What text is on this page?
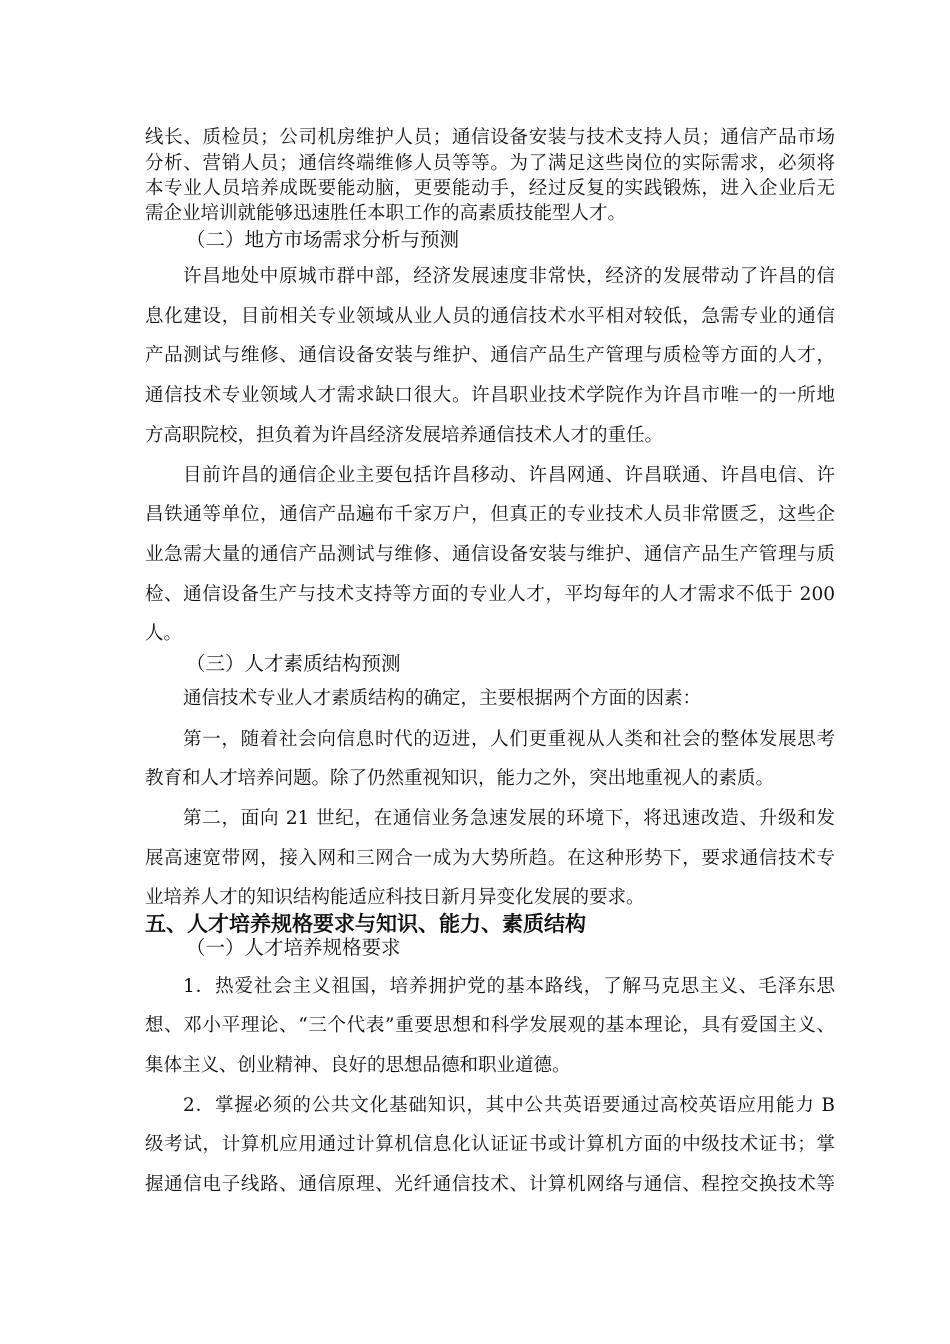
线长、质检员；公司机房维护人员；通信设备安装与技术支持人员；通信产品市场
分析、营销人员；通信终端维修人员等等。为了满足这些岗位的实际需求，必须将
本专业人员培养成既要能动脑，更要能动手，经过反复的实践锻炼，进入企业后无
需企业培训就能够迅速胜任本职工作的高素质技能型人才。
（二）地方市场需求分析与预测
许昌地处中原城市群中部，经济发展速度非常快，经济的发展带动了许昌的信
息化建设，目前相关专业领域从业人员的通信技术水平相对较低，急需专业的通信
产品测试与维修、通信设备安装与维护、通信产品生产管理与质检等方面的人才，
通信技术专业领域人才需求缺口很大。许昌职业技术学院作为许昌市唯一的一所地
方高职院校，担负着为许昌经济发展培养通信技术人才的重任。
目前许昌的通信企业主要包括许昌移动、许昌网通、许昌联通、许昌电信、许
昌铁通等单位，通信产品遍布千家万户，但真正的专业技术人员非常匮乏，这些企
业急需大量的通信产品测试与维修、通信设备安装与维护、通信产品生产管理与质
检、通信设备生产与技术支持等方面的专业人才，平均每年的人才需求不低于 200
人。
（三）人才素质结构预测
通信技术专业人才素质结构的确定，主要根据两个方面的因素：
第一，随着社会向信息时代的迈进，人们更重视从人类和社会的整体发展思考
教育和人才培养问题。除了仍然重视知识，能力之外，突出地重视人的素质。
第二，面向 21 世纪，在通信业务急速发展的环境下，将迅速改造、升级和发
展高速宽带网，接入网和三网合一成为大势所趋。在这种形势下，要求通信技术专
业培养人才的知识结构能适应科技日新月异变化发展的要求。
五、人才培养规格要求与知识、能力、素质结构
（一）人才培养规格要求
1．热爱社会主义祖国，培养拥护党的基本路线，了解马克思主义、毛泽东思
想、邓小平理论、“三个代表”重要思想和科学发展观的基本理论，具有爱国主义、
集体主义、创业精神、良好的思想品德和职业道德。
2．掌握必须的公共文化基础知识，其中公共英语要通过高校英语应用能力 B
级考试，计算机应用通过计算机信息化认证证书或计算机方面的中级技术证书；掌
握通信电子线路、通信原理、光纤通信技术、计算机网络与通信、程控交换技术等
